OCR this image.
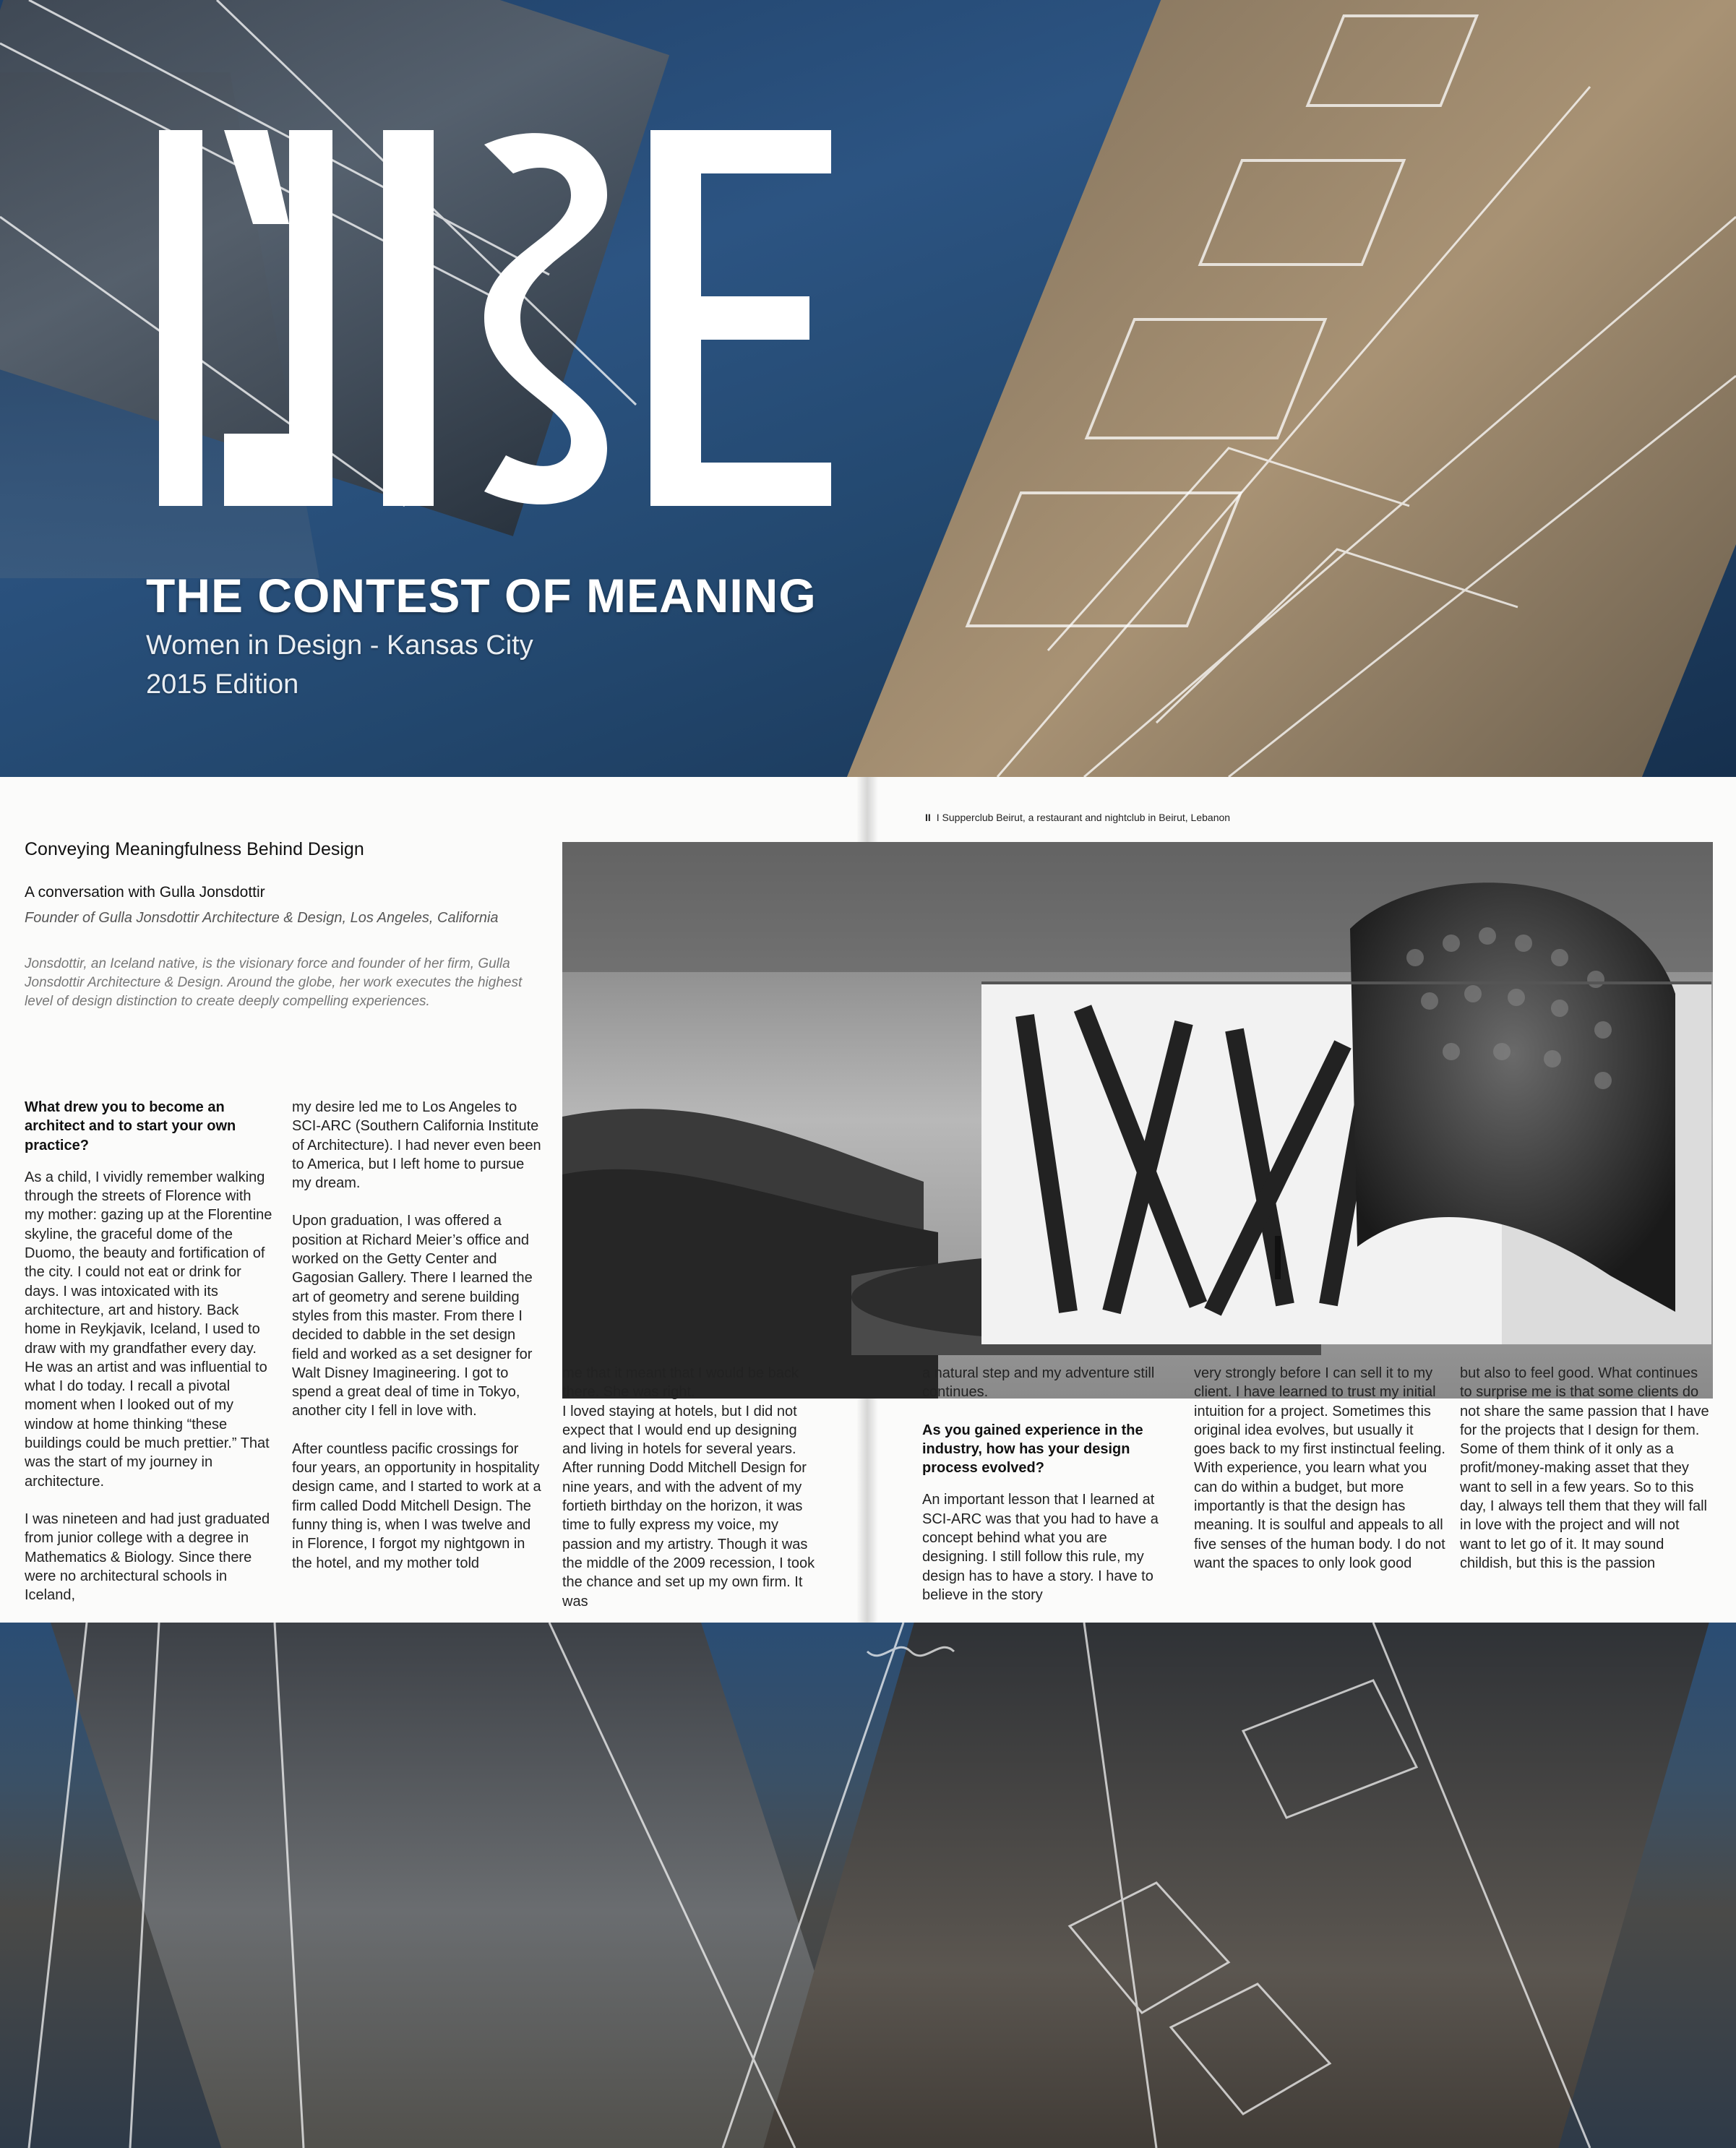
THE CONTEST OF MEANING
Women in Design - Kansas City
2015 Edition
Conveying Meaningfulness Behind Design
A conversation with Gulla Jonsdottir
Founder of Gulla Jonsdottir Architecture & Design, Los Angeles, California
Jonsdottir, an Iceland native, is the visionary force and founder of her firm, Gulla Jonsdottir Architecture & Design. Around the globe, her work executes the highest level of design distinction to create deeply compelling experiences.
II I Supperclub Beirut, a restaurant and nightclub in Beirut, Lebanon

What drew you to become an architect and to start your own practice?

As a child, I vividly remember walking through the streets of Florence with my mother: gazing up at the Florentine skyline, the graceful dome of the Duomo, the beauty and fortification of the city. I could not eat or drink for days. I was intoxicated with its architecture, art and history. Back home in Reykjavik, Iceland, I used to draw with my grandfather every day. He was an artist and was influential to what I do today. I recall a pivotal moment when I looked out of my window at home thinking “these buildings could be much prettier.” That was the start of my journey in architecture.

I was nineteen and had just graduated from junior college with a degree in Mathematics & Biology. Since there were no architectural schools in Iceland,

my desire led me to Los Angeles to SCI-ARC (Southern California Institute of Architecture). I had never even been to America, but I left home to pursue my dream.

Upon graduation, I was offered a position at Richard Meier’s office and worked on the Getty Center and Gagosian Gallery. There I learned the art of geometry and serene building styles from this master. From there I decided to dabble in the set design field and worked as a set designer for Walt Disney Imagineering. I got to spend a great deal of time in Tokyo, another city I fell in love with.

After countless pacific crossings for four years, an opportunity in hospitality design came, and I started to work at a firm called Dodd Mitchell Design. The funny thing is, when I was twelve and in Florence, I forgot my nightgown in the hotel, and my mother told

me that it meant that I would be back there. She was right.

I loved staying at hotels, but I did not expect that I would end up designing and living in hotels for several years. After running Dodd Mitchell Design for nine years, and with the advent of my fortieth birthday on the horizon, it was time to fully express my voice, my passion and my artistry. Though it was the middle of the 2009 recession, I took the chance and set up my own firm. It was

a natural step and my adventure still continues.

As you gained experience in the industry, how has your design process evolved?

An important lesson that I learned at SCI-ARC was that you had to have a concept behind what you are designing. I still follow this rule, my design has to have a story. I have to believe in the story

very strongly before I can sell it to my client. I have learned to trust my initial intuition for a project. Sometimes this original idea evolves, but usually it goes back to my first instinctual feeling. With experience, you learn what you can do within a budget, but more importantly is that the design has meaning. It is soulful and appeals to all five senses of the human body. I do not want the spaces to only look good

but also to feel good. What continues to surprise me is that some clients do not share the same passion that I have for the projects that I design for them. Some of them think of it only as a profit/money-making asset that they want to sell in a few years. So to this day, I always tell them that they will fall in love with the project and will not want to let go of it. It may sound childish, but this is the passion
